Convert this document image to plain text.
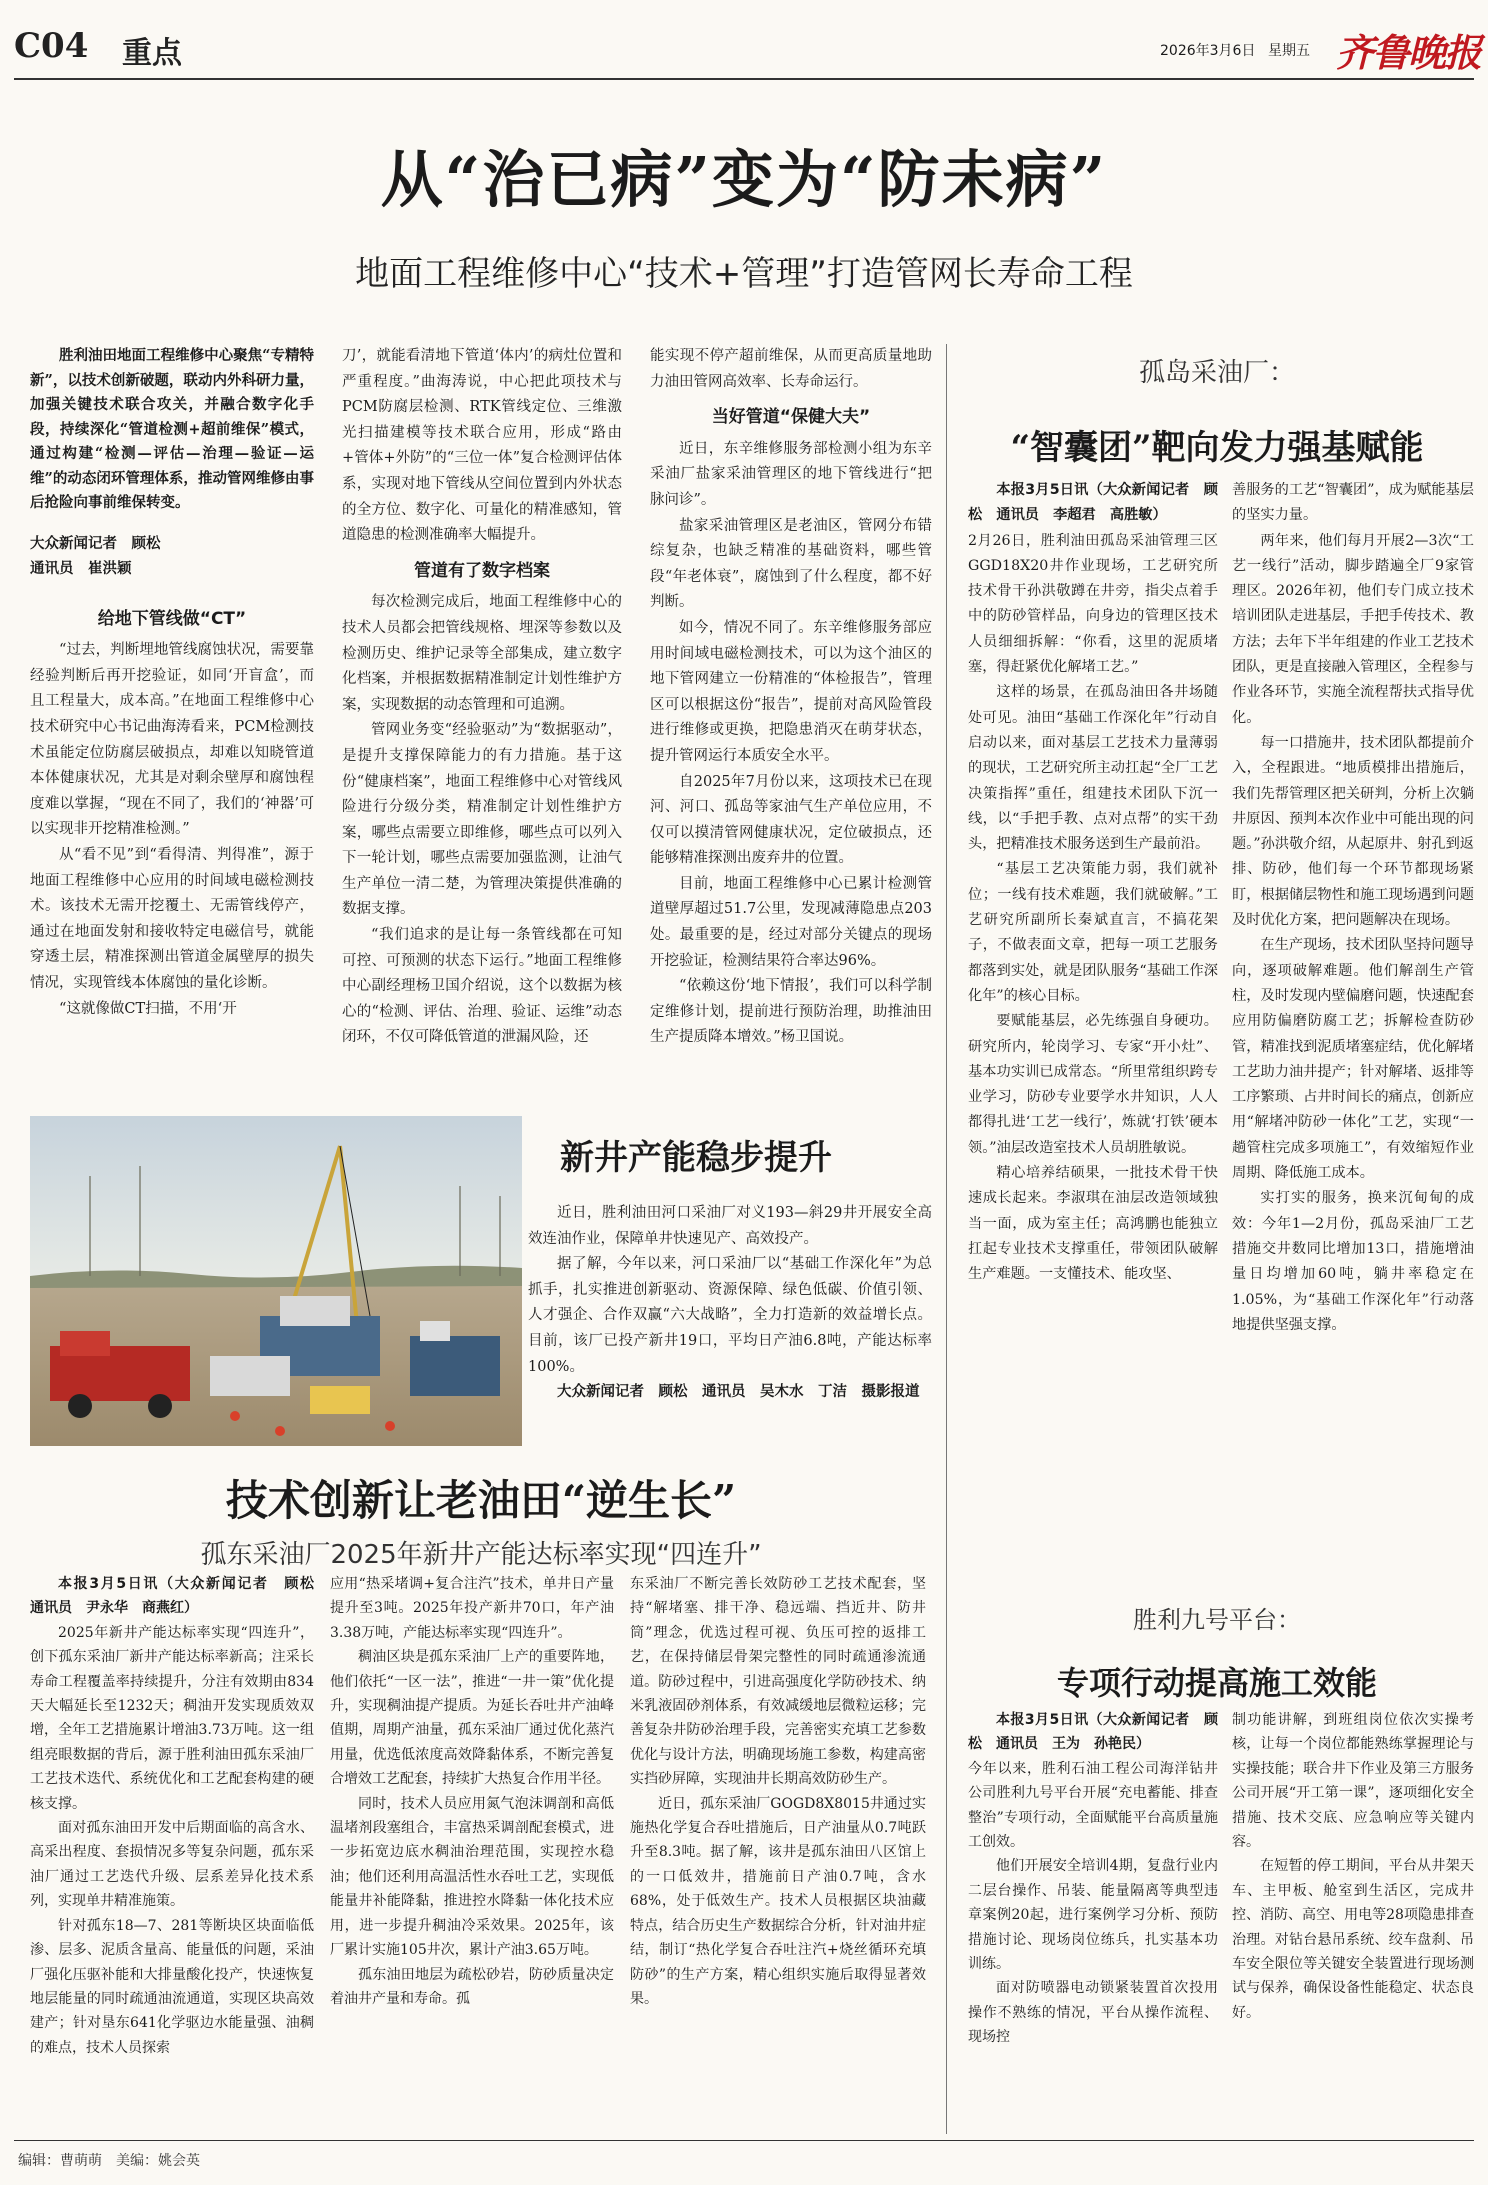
C04 重点	2026年3月6日 星期五 齐鲁晚报
从“治已病”变为“防未病”
地面工程维修中心“技术+管理”打造管网长寿命工程

胜利油田地面工程维修中心聚焦“专精特新”，以技术创新破题，联动内外科研力量，加强关键技术联合攻关，并融合数字化手段，持续深化“管道检测+超前维保”模式，通过构建“检测—评估—治理—验证—运维”的动态闭环管理体系，推动管网维修由事后抢险向事前维保转变。

大众新闻记者　顾松
通讯员　崔洪颖
给地下管线做“CT”

“过去，判断埋地管线腐蚀状况，需要靠经验判断后再开挖验证，如同‘开盲盒’，而且工程量大，成本高。”在地面工程维修中心技术研究中心书记曲海涛看来，PCM检测技术虽能定位防腐层破损点，却难以知晓管道本体健康状况，尤其是对剩余壁厚和腐蚀程度难以掌握，“现在不同了，我们的‘神器’可以实现非开挖精准检测。”

从“看不见”到“看得清、判得准”，源于地面工程维修中心应用的时间域电磁检测技术。该技术无需开挖覆土、无需管线停产，通过在地面发射和接收特定电磁信号，就能穿透土层，精准探测出管道金属壁厚的损失情况，实现管线本体腐蚀的量化诊断。

“这就像做CT扫描，不用‘开

刀’，就能看清地下管道‘体内’的病灶位置和严重程度。”曲海涛说，中心把此项技术与PCM防腐层检测、RTK管线定位、三维激光扫描建模等技术联合应用，形成“路由+管体+外防”的“三位一体”复合检测评估体系，实现对地下管线从空间位置到内外状态的全方位、数字化、可量化的精准感知，管道隐患的检测准确率大幅提升。

管道有了数字档案

每次检测完成后，地面工程维修中心的技术人员都会把管线规格、埋深等参数以及检测历史、维护记录等全部集成，建立数字化档案，并根据数据精准制定计划性维护方案，实现数据的动态管理和可追溯。

管网业务变“经验驱动”为“数据驱动”，是提升支撑保障能力的有力措施。基于这份“健康档案”，地面工程维修中心对管线风险进行分级分类，精准制定计划性维护方案，哪些点需要立即维修，哪些点可以列入下一轮计划，哪些点需要加强监测，让油气生产单位一清二楚，为管理决策提供准确的数据支撑。

“我们追求的是让每一条管线都在可知可控、可预测的状态下运行。”地面工程维修中心副经理杨卫国介绍说，这个以数据为核心的“检测、评估、治理、验证、运维”动态闭环，不仅可降低管道的泄漏风险，还

能实现不停产超前维保，从而更高质量地助力油田管网高效率、长寿命运行。

当好管道“保健大夫”

近日，东辛维修服务部检测小组为东辛采油厂盐家采油管理区的地下管线进行“把脉问诊”。

盐家采油管理区是老油区，管网分布错综复杂，也缺乏精准的基础资料，哪些管段“年老体衰”，腐蚀到了什么程度，都不好判断。

如今，情况不同了。东辛维修服务部应用时间域电磁检测技术，可以为这个油区的地下管网建立一份精准的“体检报告”，管理区可以根据这份“报告”，提前对高风险管段进行维修或更换，把隐患消灭在萌芽状态，提升管网运行本质安全水平。

自2025年7月份以来，这项技术已在现河、河口、孤岛等家油气生产单位应用，不仅可以摸清管网健康状况，定位破损点，还能够精准探测出废弃井的位置。

目前，地面工程维修中心已累计检测管道壁厚超过51.7公里，发现减薄隐患点203处。最重要的是，经过对部分关键点的现场开挖验证，检测结果符合率达96%。

“依赖这份‘地下情报’，我们可以科学制定维修计划，提前进行预防治理，助推油田生产提质降本增效。”杨卫国说。

新井产能稳步提升

近日，胜利油田河口采油厂对义193—斜29井开展安全高效连油作业，保障单井快速见产、高效投产。

据了解，今年以来，河口采油厂以“基础工作深化年”为总抓手，扎实推进创新驱动、资源保障、绿色低碳、价值引领、人才强企、合作双赢“六大战略”，全力打造新的效益增长点。目前，该厂已投产新井19口，平均日产油6.8吨，产能达标率100%。

大众新闻记者　顾松　通讯员　吴木水　丁洁　摄影报道
技术创新让老油田“逆生长”
孤东采油厂2025年新井产能达标率实现“四连升”
本报3月5日讯（大众新闻记者　顾松　通讯员　尹永华　商燕红）

2025年新井产能达标率实现“四连升”，创下孤东采油厂新井产能达标率新高；注采长寿命工程覆盖率持续提升，分注有效期由834天大幅延长至1232天；稠油开发实现质效双增，全年工艺措施累计增油3.73万吨。这一组组亮眼数据的背后，源于胜利油田孤东采油厂工艺技术迭代、系统优化和工艺配套构建的硬核支撑。

面对孤东油田开发中后期面临的高含水、高采出程度、套损情况多等复杂问题，孤东采油厂通过工艺迭代升级、层系差异化技术系列，实现单井精准施策。

针对孤东18—7、281等断块区块面临低渗、层多、泥质含量高、能量低的问题，采油厂强化压驱补能和大排量酸化投产，快速恢复地层能量的同时疏通油流通道，实现区块高效建产；针对垦东641化学驱边水能量强、油稠的难点，技术人员探索

应用“热采堵调+复合注汽”技术，单井日产量提升至3吨。2025年投产新井70口，年产油3.38万吨，产能达标率实现“四连升”。

稠油区块是孤东采油厂上产的重要阵地，他们依托“一区一法”，推进“一井一策”优化提升，实现稠油提产提质。为延长吞吐井产油峰值期，周期产油量，孤东采油厂通过优化蒸汽用量，优选低浓度高效降黏体系，不断完善复合增效工艺配套，持续扩大热复合作用半径。

同时，技术人员应用氮气泡沫调剖和高低温堵剂段塞组合，丰富热采调剖配套模式，进一步拓宽边底水稠油治理范围，实现控水稳油；他们还利用高温活性水吞吐工艺，实现低能量井补能降黏，推进控水降黏一体化技术应用，进一步提升稠油冷采效果。2025年，该厂累计实施105井次，累计产油3.65万吨。

孤东油田地层为疏松砂岩，防砂质量决定着油井产量和寿命。孤

东采油厂不断完善长效防砂工艺技术配套，坚持“解堵塞、排干净、稳远端、挡近井、防井筒”理念，优选过程可视、负压可控的返排工艺，在保持储层骨架完整性的同时疏通渗流通道。防砂过程中，引进高强度化学防砂技术、纳米乳液固砂剂体系，有效减缓地层微粒运移；完善复杂井防砂治理手段，完善密实充填工艺参数优化与设计方法，明确现场施工参数，构建高密实挡砂屏障，实现油井长期高效防砂生产。

近日，孤东采油厂GOGD8X8015井通过实施热化学复合吞吐措施后，日产油量从0.7吨跃升至8.3吨。据了解，该井是孤东油田八区馆上的一口低效井，措施前日产油0.7吨，含水68%，处于低效生产。技术人员根据区块油藏特点，结合历史生产数据综合分析，针对油井症结，制订“热化学复合吞吐注汽+烧丝循环充填防砂”的生产方案，精心组织实施后取得显著效果。

孤岛采油厂：
“智囊团”靶向发力强基赋能
本报3月5日讯（大众新闻记者　顾松　通讯员　李超君　高胜敏）

2月26日，胜利油田孤岛采油管理三区GGD18X20井作业现场，工艺研究所技术骨干孙洪敬蹲在井旁，指尖点着手中的防砂管样品，向身边的管理区技术人员细细拆解：“你看，这里的泥质堵塞，得赶紧优化解堵工艺。”

这样的场景，在孤岛油田各井场随处可见。油田“基础工作深化年”行动自启动以来，面对基层工艺技术力量薄弱的现状，工艺研究所主动扛起“全厂工艺决策指挥”重任，组建技术团队下沉一线，以“手把手教、点对点帮”的实干劲头，把精准技术服务送到生产最前沿。

“基层工艺决策能力弱，我们就补位；一线有技术难题，我们就破解。”工艺研究所副所长秦斌直言，不搞花架子，不做表面文章，把每一项工艺服务都落到实处，就是团队服务“基础工作深化年”的核心目标。

要赋能基层，必先练强自身硬功。研究所内，轮岗学习、专家“开小灶”、基本功实训已成常态。“所里常组织跨专业学习，防砂专业要学水井知识，人人都得扎进‘工艺一线行’，炼就‘打铁’硬本领。”油层改造室技术人员胡胜敏说。

精心培养结硕果，一批技术骨干快速成长起来。李淑琪在油层改造领域独当一面，成为室主任；高鸿鹏也能独立扛起专业技术支撑重任，带领团队破解生产难题。一支懂技术、能攻坚、

善服务的工艺“智囊团”，成为赋能基层的坚实力量。

两年来，他们每月开展2—3次“工艺一线行”活动，脚步踏遍全厂9家管理区。2026年初，他们专门成立技术培训团队走进基层，手把手传技术、教方法；去年下半年组建的作业工艺技术团队，更是直接融入管理区，全程参与作业各环节，实施全流程帮扶式指导优化。

每一口措施井，技术团队都提前介入，全程跟进。“地质模排出措施后，我们先帮管理区把关研判，分析上次躺井原因、预判本次作业中可能出现的问题。”孙洪敬介绍，从起原井、射孔到返排、防砂，他们每一个环节都现场紧盯，根据储层物性和施工现场遇到问题及时优化方案，把问题解决在现场。

在生产现场，技术团队坚持问题导向，逐项破解难题。他们解剖生产管柱，及时发现内壁偏磨问题，快速配套应用防偏磨防腐工艺；拆解检查防砂管，精准找到泥质堵塞症结，优化解堵工艺助力油井提产；针对解堵、返排等工序繁琐、占井时间长的痛点，创新应用“解堵冲防砂一体化”工艺，实现“一趟管柱完成多项施工”，有效缩短作业周期、降低施工成本。

实打实的服务，换来沉甸甸的成效：今年1—2月份，孤岛采油厂工艺措施交井数同比增加13口，措施增油量日均增加60吨，躺井率稳定在1.05%，为“基础工作深化年”行动落地提供坚强支撑。

胜利九号平台：
专项行动提高施工效能
本报3月5日讯（大众新闻记者　顾松　通讯员　王为　孙艳民）

今年以来，胜利石油工程公司海洋钻井公司胜利九号平台开展“充电蓄能、排查整治”专项行动，全面赋能平台高质量施工创效。

他们开展安全培训4期，复盘行业内二层台操作、吊装、能量隔离等典型违章案例20起，进行案例学习分析、预防措施讨论、现场岗位练兵，扎实基本功训练。

面对防喷器电动锁紧装置首次投用操作不熟练的情况，平台从操作流程、现场控

制功能讲解，到班组岗位依次实操考核，让每一个岗位都能熟练掌握理论与实操技能；联合井下作业及第三方服务公司开展“开工第一课”，逐项细化安全措施、技术交底、应急响应等关键内容。

在短暂的停工期间，平台从井架天车、主甲板、舱室到生活区，完成井控、消防、高空、用电等28项隐患排查治理。对钻台悬吊系统、绞车盘刹、吊车安全限位等关键安全装置进行现场测试与保养，确保设备性能稳定、状态良好。

编辑：曹萌萌　美编：姚会英
